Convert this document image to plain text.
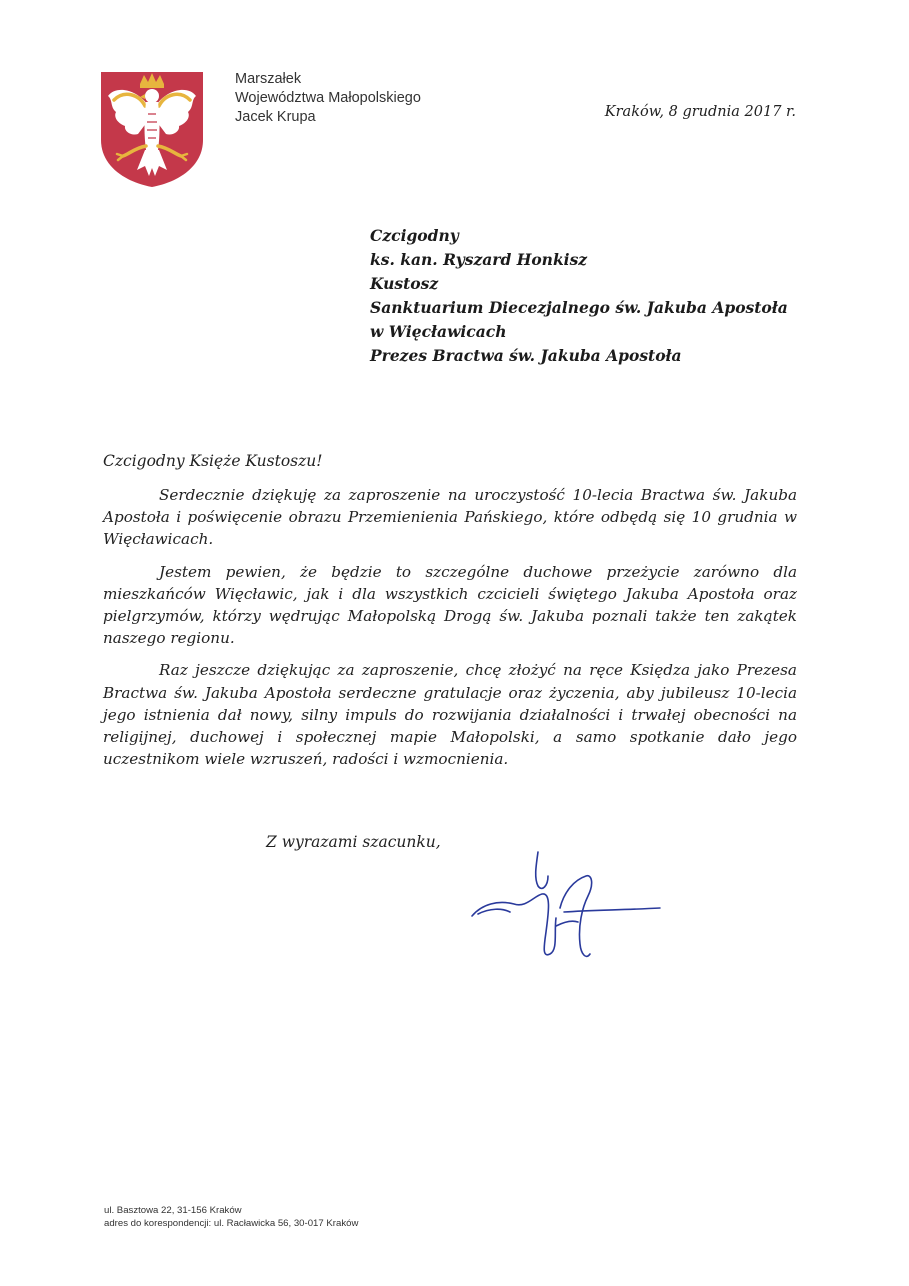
Marszałek
Województwa Małopolskiego
Jacek Krupa	Kraków, 8 grudnia 2017 r.
Czcigodny
ks. kan. Ryszard Honkisz
Kustosz
Sanktuarium Diecezjalnego św. Jakuba Apostoła
w Więcławicach
Prezes Bractwa św. Jakuba Apostoła
Czcigodny Księże Kustoszu!

Serdecznie dziękuję za zaproszenie na uroczystość 10-lecia Bractwa św. Jakuba Apostoła i poświęcenie obrazu Przemienienia Pańskiego, które odbędą się 10 grudnia w Więcławicach.

Jestem pewien, że będzie to szczególne duchowe przeżycie zarówno dla mieszkańców Więcławic, jak i dla wszystkich czcicieli świętego Jakuba Apostoła oraz pielgrzymów, którzy wędrując Małopolską Drogą św. Jakuba poznali także ten zakątek naszego regionu.

Raz jeszcze dziękując za zaproszenie, chcę złożyć na ręce Księdza jako Prezesa Bractwa św. Jakuba Apostoła serdeczne gratulacje oraz życzenia, aby jubileusz 10-lecia jego istnienia dał nowy, silny impuls do rozwijania działalności i trwałej obecności na religijnej, duchowej i społecznej mapie Małopolski, a samo spotkanie dało jego uczestnikom wiele wzruszeń, radości i wzmocnienia.

Z wyrazami szacunku,
ul. Basztowa 22, 31-156 Kraków
adres do korespondencji: ul. Racławicka 56, 30-017 Kraków
